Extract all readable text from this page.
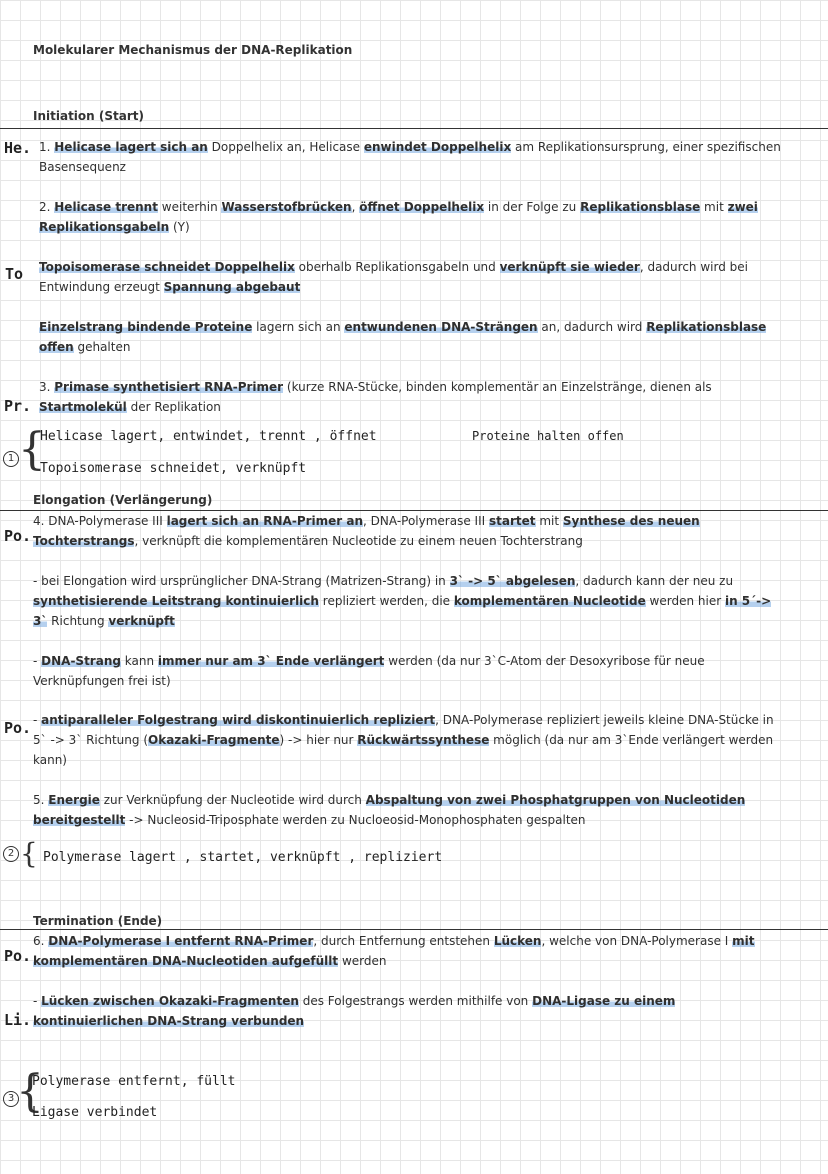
Molekularer Mechanismus der DNA-Replikation
Initiation (Start)
He. 1. Helicase lagert sich an Doppelhelix an, Helicase enwindet Doppelhelix am Replikationsursprung, einer spezifischen Basensequenz
2. Helicase trennt weiterhin Wasserstofbrücken, öffnet Doppelhelix in der Folge zu Replikationsblase mit zwei Replikationsgabeln (Y)
To Topoisomerase schneidet Doppelhelix oberhalb Replikationsgabeln und verknüpft sie wieder, dadurch wird bei Entwindung erzeugt Spannung abgebaut
Einzelstrang bindende Proteine lagern sich an entwundenen DNA-Strängen an, dadurch wird Replikationsblase offen gehalten
Pr.
3. Primase synthetisiert RNA-Primer (kurze RNA-Stücke, binden komplementär an Einzelstränge, dienen als Startmolekül der Replikation
1 {
Helicase lagert, entwindet, trennt , öffnet	Proteine halten offen
Topoisomerase schneidet, verknüpft
Elongation (Verlängerung)
Po.
4. DNA-Polymerase III lagert sich an RNA-Primer an, DNA-Polymerase III startet mit Synthese des neuen Tochterstrangs, verknüpft die komplementären Nucleotide zu einem neuen Tochterstrang
- bei Elongation wird ursprünglicher DNA-Strang (Matrizen-Strang) in 3` -> 5` abgelesen, dadurch kann der neu zu synthetisierende Leitstrang kontinuierlich repliziert werden, die komplementären Nucleotide werden hier in 5´-> 3` Richtung verknüpft
- DNA-Strang kann immer nur am 3` Ende verlängert werden (da nur 3`C-Atom der Desoxyribose für neue Verknüpfungen frei ist)
Po. - antiparalleler Folgestrang wird diskontinuierlich repliziert, DNA-Polymerase repliziert jeweils kleine DNA-Stücke in 5` -> 3` Richtung (Okazaki-Fragmente) -> hier nur Rückwärtssynthese möglich (da nur am 3`Ende verlängert werden kann)
5. Energie zur Verknüpfung der Nucleotide wird durch Abspaltung von zwei Phosphatgruppen von Nucleotiden bereitgestellt -> Nucleosid-Triposphate werden zu Nucloeosid-Monophosphaten gespalten
2 { Polymerase lagert , startet, verknüpft , repliziert
Termination (Ende)
Po.
6. DNA-Polymerase I entfernt RNA-Primer, durch Entfernung entstehen Lücken, welche von DNA-Polymerase I mit komplementären DNA-Nucleotiden aufgefüllt werden
Li.
- Lücken zwischen Okazaki-Fragmenten des Folgestrangs werden mithilfe von DNA-Ligase zu einem kontinuierlichen DNA-Strang verbunden
3 {
Polymerase entfernt, füllt
Ligase verbindet
